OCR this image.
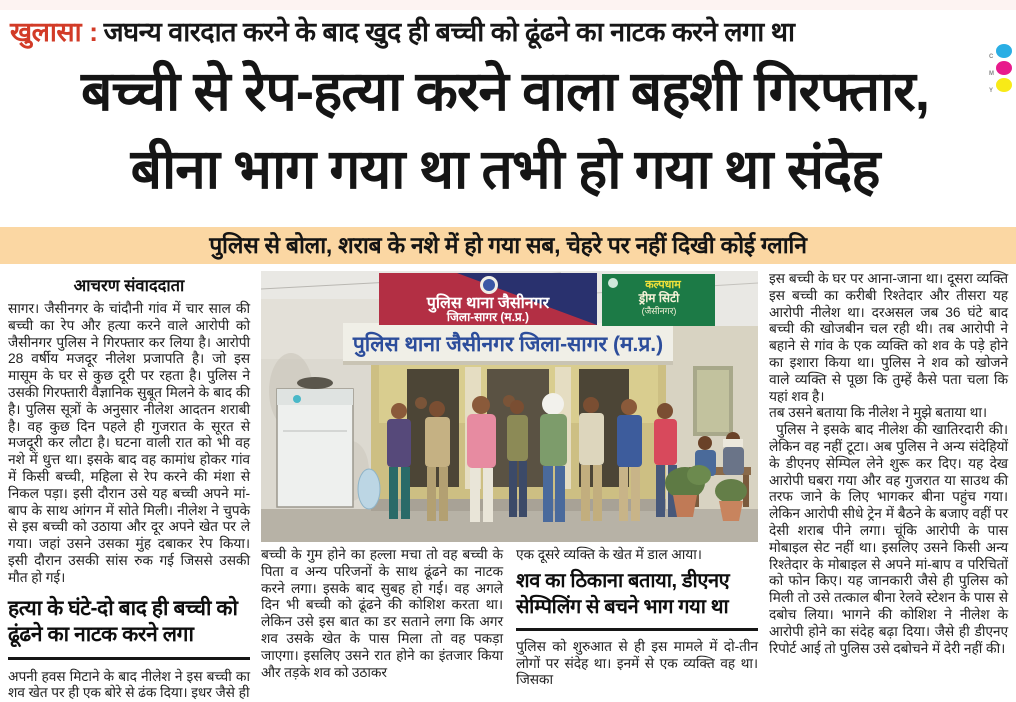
खुलासा : जघन्य वारदात करने के बाद खुद ही बच्ची को ढूंढने का नाटक करने लगा था
C
M
Y
बच्ची से रेप-हत्या करने वाला बहशी गिरफ्तार,
बीना भाग गया था तभी हो गया था संदेह
पुलिस से बोला, शराब के नशे में हो गया सब, चेहरे पर नहीं दिखी कोई ग्लानि
आचरण संवाददाता

सागर। जैसीनगर के चांदौनी गांव में चार साल की बच्ची का रेप और हत्या करने वाले आरोपी को जैसीनगर पुलिस ने गिरफ्तार कर लिया है। आरोपी 28 वर्षीय मजदूर नीलेश प्रजापति है। जो इस मासूम के घर से कुछ दूरी पर रहता है। पुलिस ने उसकी गिरफ्तारी वैज्ञानिक सुबूत मिलने के बाद की है। पुलिस सूत्रों के अनुसार नीलेश आदतन शराबी है। वह कुछ दिन पहले ही गुजरात के सूरत से मजदूरी कर लौटा है। घटना वाली रात को भी वह नशे में धुत्त था। इसके बाद वह कामांध होकर गांव में किसी बच्ची, महिला से रेप करने की मंशा से निकल पड़ा। इसी दौरान उसे यह बच्ची अपने मां-बाप के साथ आंगन में सोते मिली। नीलेश ने चुपके से इस बच्ची को उठाया और दूर अपने खेत पर ले गया। जहां उसने उसका मुंह दबाकर रेप किया। इसी दौरान उसकी सांस रुक गई जिससे उसकी मौत हो गई।

हत्या के घंटे-दो बाद ही बच्ची को ढूंढने का नाटक करने लगा

अपनी हवस मिटाने के बाद नीलेश ने इस बच्ची का शव खेत पर ही एक बोरे से ढंक दिया। इधर जैसे ही

पुलिस थाना जैसीनगर जिला-सागर (म.प्र.)
पुलिस थाना जैसीनगर
जिला-सागर (म.प्र.)
कल्पधाम
ड्रीम सिटी
(जैसीनगर)

बच्ची के गुम होने का हल्ला मचा तो वह बच्ची के पिता व अन्य परिजनों के साथ ढूंढने का नाटक करने लगा। इसके बाद सुबह हो गई। वह अगले दिन भी बच्ची को ढूंढने की कोशिश करता था। लेकिन उसे इस बात का डर सताने लगा कि अगर शव उसके खेत के पास मिला तो वह पकड़ा जाएगा। इसलिए उसने रात होने का इंतजार किया और तड़के शव को उठाकर

एक दूसरे व्यक्ति के खेत में डाल आया।

शव का ठिकाना बताया, डीएनए सेम्पिलिंग से बचने भाग गया था

पुलिस को शुरुआत से ही इस मामले में दो-तीन लोगों पर संदेह था। इनमें से एक व्यक्ति वह था। जिसका

इस बच्ची के घर पर आना-जाना था। दूसरा व्यक्ति इस बच्ची का करीबी रिश्तेदार और तीसरा यह आरोपी नीलेश था। दरअसल जब 36 घंटे बाद बच्ची की खोजबीन चल रही थी। तब आरोपी ने बहाने से गांव के एक व्यक्ति को शव के पड़े होने का इशारा किया था। पुलिस ने शव को खोजने वाले व्यक्ति से पूछा कि तुम्हें कैसे पता चला कि यहां शव है।

तब उसने बताया कि नीलेश ने मुझे बताया था।

पुलिस ने इसके बाद नीलेश की खातिरदारी की। लेकिन वह नहीं टूटा। अब पुलिस ने अन्य संदेहियों के डीएनए सेम्पिल लेने शुरू कर दिए। यह देख आरोपी घबरा गया और वह गुजरात या साउथ की तरफ जाने के लिए भागकर बीना पहुंच गया। लेकिन आरोपी सीधे ट्रेन में बैठने के बजाए वहीं पर देसी शराब पीने लगा। चूंकि आरोपी के पास मोबाइल सेट नहीं था। इसलिए उसने किसी अन्य रिश्तेदार के मोबाइल से अपने मां-बाप व परिचितों को फोन किए। यह जानकारी जैसे ही पुलिस को मिली तो उसे तत्काल बीना रेलवे स्टेशन के पास से दबोच लिया। भागने की कोशिश ने नीलेश के आरोपी होने का संदेह बढ़ा दिया। जैसे ही डीएनए रिपोर्ट आई तो पुलिस उसे दबोचने में देरी नहीं की।
